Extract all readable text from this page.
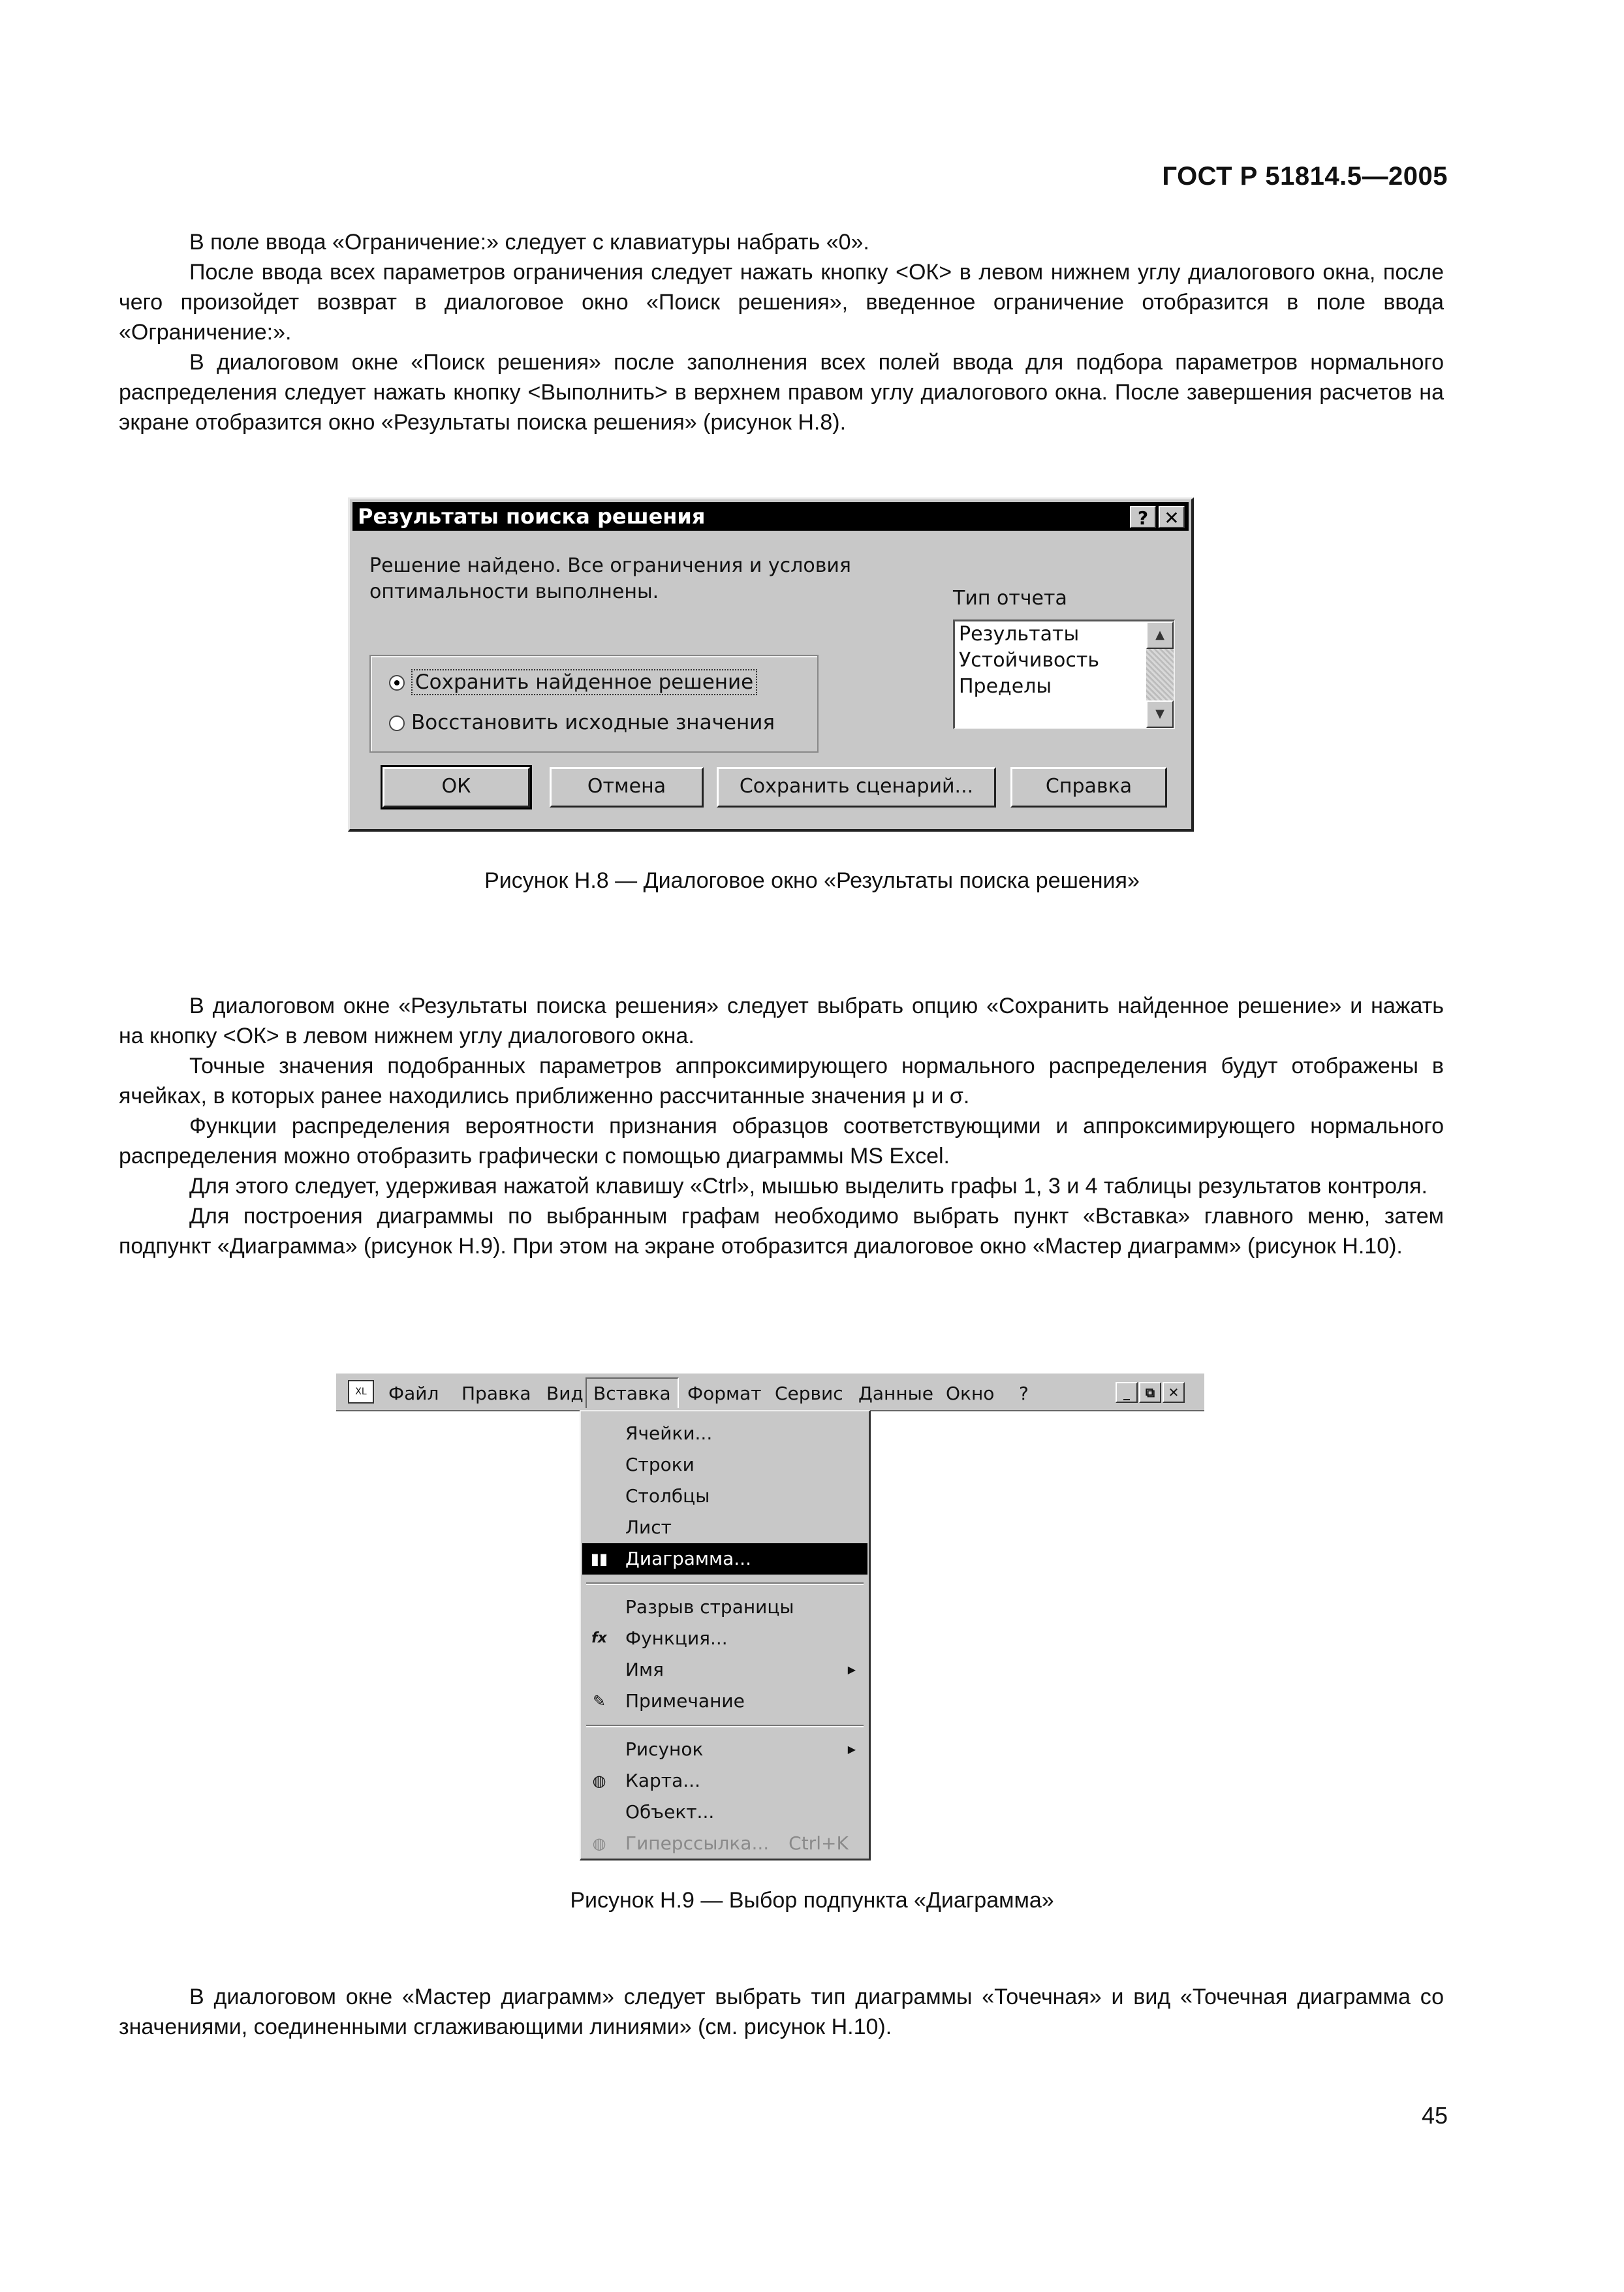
ГОСТ Р 51814.5—2005

В поле ввода «Ограничение:» следует с клавиатуры набрать «0».

После ввода всех параметров ограничения следует нажать кнопку <ОК> в левом нижнем углу диалогового окна, после чего произойдет возврат в диалоговое окно «Поиск решения», введенное ограничение отобразится в поле ввода «Ограничение:».

В диалоговом окне «Поиск решения» после заполнения всех полей ввода для подбора параметров нормального распределения следует нажать кнопку <Выполнить> в верхнем правом углу диалогового окна. После завершения расчетов на экране отобразится окно «Результаты поиска решения» (рисунок Н.8).

Результаты поиска решения	? ✕
Решение найдено. Все ограничения и условия
оптимальности выполнены.	Тип отчета
Результаты
Устойчивость
Пределы
▲
▼
Сохранить найденное решение
Восстановить исходные значения
ОК	Отмена	Сохранить сценарий...	Справка
Рисунок Н.8 — Диалоговое окно «Результаты поиска решения»

В диалоговом окне «Результаты поиска решения» следует выбрать опцию «Сохранить найденное решение» и нажать на кнопку <ОК> в левом нижнем углу диалогового окна.

Точные значения подобранных параметров аппроксимирующего нормального распределения будут отображены в ячейках, в которых ранее находились приближенно рассчитанные значения μ и σ.

Функции распределения вероятности признания образцов соответствующими и аппроксимирующего нормального распределения можно отобразить графически с помощью диаграммы MS Excel.

Для этого следует, удерживая нажатой клавишу «Ctrl», мышью выделить графы 1, 3 и 4 таблицы результатов контроля.

Для построения диаграммы по выбранным графам необходимо выбрать пункт «Вставка» главного меню, затем подпункт «Диаграмма» (рисунок Н.9). При этом на экране отобразится диалоговое окно «Мастер диаграмм» (рисунок Н.10).

XL	Файл Правка Вид Вставка Формат Сервис Данные Окно ?	_ ⧉ ✕
Ячейки...
Строки
Столбцы
Лист
▮▮ Диаграмма...
Разрыв страницы
fx Функция...
Имя	▶
✎ Примечание
Рисунок	▶
◍ Карта...
Объект...
◍ Гиперссылка... Ctrl+K
Рисунок Н.9 — Выбор подпункта «Диаграмма»

В диалоговом окне «Мастер диаграмм» следует выбрать тип диаграммы «Точечная» и вид «Точечная диаграмма со значениями, соединенными сглаживающими линиями» (см. рисунок Н.10).

45
